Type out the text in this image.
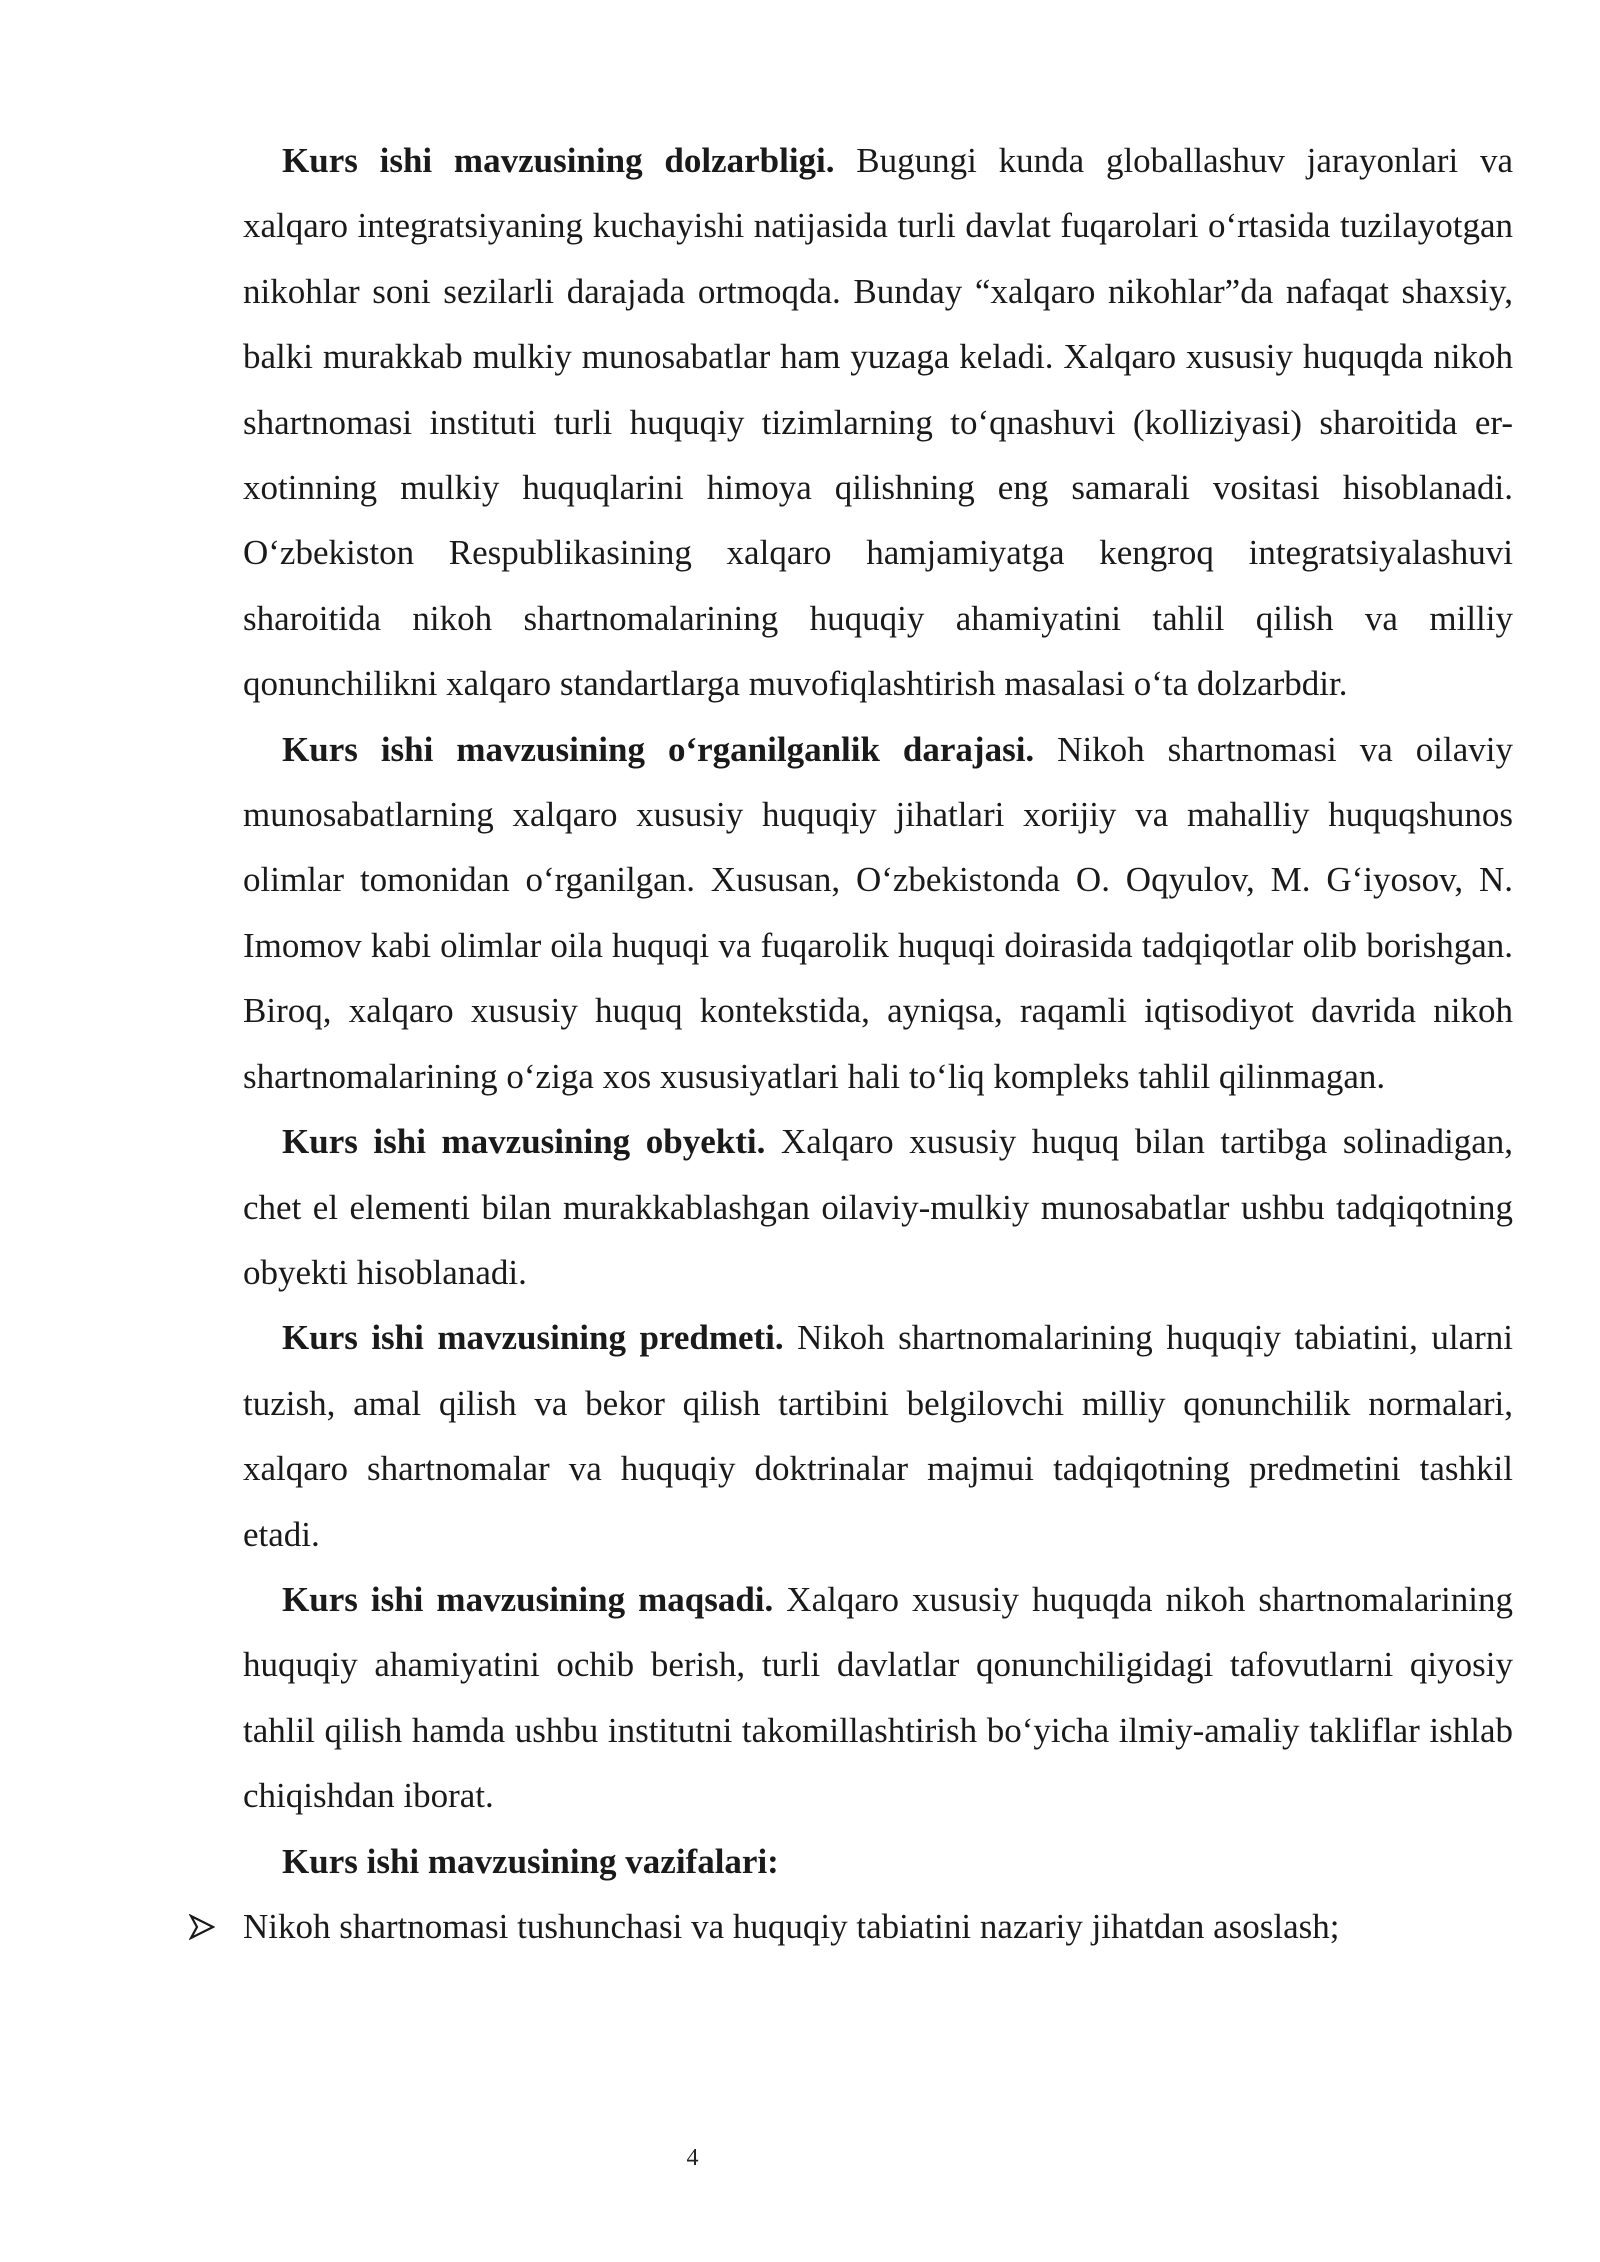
Kurs ishi mavzusining dolzarbligi. Bugungi kunda globallashuv jarayonlari va xalqaro integratsiyaning kuchayishi natijasida turli davlat fuqarolari oʻrtasida tuzilayotgan nikohlar soni sezilarli darajada ortmoqda. Bunday “xalqaro nikohlar”da nafaqat shaxsiy, balki murakkab mulkiy munosabatlar ham yuzaga keladi. Xalqaro xususiy huquqda nikoh shartnomasi instituti turli huquqiy tizimlarning toʻqnashuvi (kolliziyasi) sharoitida er-xotinning mulkiy huquqlarini himoya qilishning eng samarali vositasi hisoblanadi. Oʻzbekiston Respublikasining xalqaro hamjamiyatga kengroq integratsiyalashuvi sharoitida nikoh shartnomalarining huquqiy ahamiyatini tahlil qilish va milliy qonunchilikni xalqaro standartlarga muvofiqlashtirish masalasi oʻta dolzarbdir.

Kurs ishi mavzusining oʻrganilganlik darajasi. Nikoh shartnomasi va oilaviy munosabatlarning xalqaro xususiy huquqiy jihatlari xorijiy va mahalliy huquqshunos olimlar tomonidan oʻrganilgan. Xususan, Oʻzbekistonda O. Oqyulov, M. Gʻiyosov, N. Imomov kabi olimlar oila huquqi va fuqarolik huquqi doirasida tadqiqotlar olib borishgan. Biroq, xalqaro xususiy huquq kontekstida, ayniqsa, raqamli iqtisodiyot davrida nikoh shartnomalarining oʻziga xos xususiyatlari hali toʻliq kompleks tahlil qilinmagan.

Kurs ishi mavzusining obyekti. Xalqaro xususiy huquq bilan tartibga solinadigan, chet el elementi bilan murakkablashgan oilaviy-mulkiy munosabatlar ushbu tadqiqotning obyekti hisoblanadi.

Kurs ishi mavzusining predmeti. Nikoh shartnomalarining huquqiy tabiatini, ularni tuzish, amal qilish va bekor qilish tartibini belgilovchi milliy qonunchilik normalari, xalqaro shartnomalar va huquqiy doktrinalar majmui tadqiqotning predmetini tashkil etadi.

Kurs ishi mavzusining maqsadi. Xalqaro xususiy huquqda nikoh shartnomalarining huquqiy ahamiyatini ochib berish, turli davlatlar qonunchiligidagi tafovutlarni qiyosiy tahlil qilish hamda ushbu institutni takomillashtirish boʻyicha ilmiy-amaliy takliflar ishlab chiqishdan iborat.

Kurs ishi mavzusining vazifalari:

Nikoh shartnomasi tushunchasi va huquqiy tabiatini nazariy jihatdan asoslash;
4
